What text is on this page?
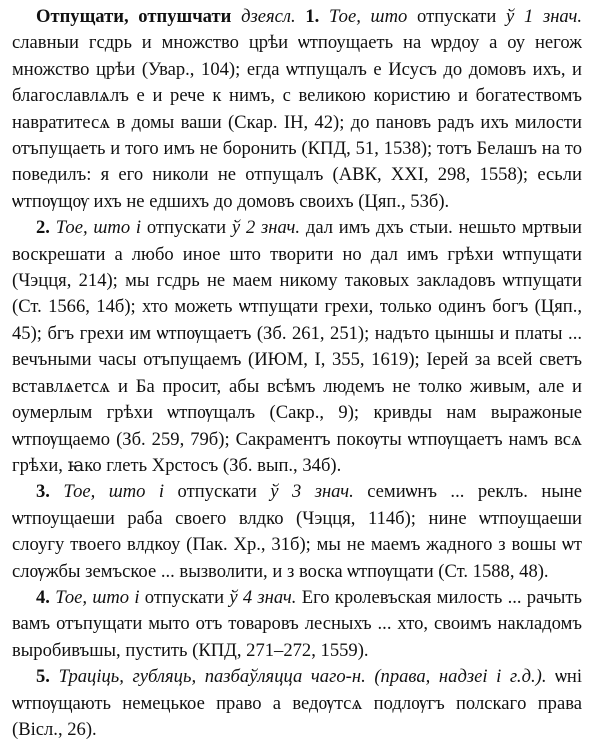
Отпущати, отпушчати дзеясл. 1. Тое, што отпускати ў 1 знач. славныи гсдрь и множство црѣи ѡтпоущаеть на ѡрдоу а оу негож множство црѣи (Увар., 104); егда ѡтпущалъ е Исусъ до домовъ ихъ, и благославлѧлъ е и рече к нимъ, с великою користию и богатествомъ навратитесѧ в домы ваши (Скар. ІН, 42); до пановъ радъ ихъ милости отъпущаеть и того имъ не боронить (КПД, 51, 1538); тотъ Белашъ на то поведилъ: я его николи не отпущалъ (АВК, ХХІ, 298, 1558); есьли ѡтпѹщѹ ихъ не едшихъ до домовъ своихъ (Цяп., 53б).

2. Тое, што і отпускати ў 2 знач. дал имъ дхъ стыи. нешьто мртвыи воскрешати а любо иное што творити но дал имъ грѣхи ѡтпущати (Чэцця, 214); мы гсдрь не маем никому таковых закладовъ ѡтпущати (Ст. 1566, 14б); хто можеть ѡтпущати грехи, только одинъ богъ (Цяп., 45); бгъ грехи им ѡтпѹщаетъ (Зб. 261, 251); надъто цыншы и платы ... вечъными часы отъпущаемъ (ИЮМ, І, 355, 1619); Іерей за всей светъ вставлѧетсѧ и Ба просит, абы всѣмъ людемъ не толко живым, але и оумерлым грѣхи ѡтпѹщалъ (Сакр., 9); кривды нам выражоные ѡтпѹщаемо (Зб. 259, 79б); Сакраментъ покѹты ѡтпѹщаетъ намъ всѧ грѣхи, ꙗко глеть Хрстосъ (Зб. вып., 34б).

3. Тое, што і отпускати ў 3 знач. семиѡнъ ... реклъ. ныне ѡтпоущаеши раба своего влдко (Чэцця, 114б); нине ѡтпоущаеши слоугу твоего влдкоу (Пак. Хр., 31б); мы не маемъ жадного з вошы ѡт слѹжбы земъское ... вызволити, и з воска ѡтпѹщати (Ст. 1588, 48).

4. Тое, што і отпускати ў 4 знач. Его кролевъская милость ... рачыть вамъ отъпущати мыто отъ товаровъ лесныхъ ... хто, своимъ накладомъ выробивъшы, пустить (КПД, 271–272, 1559).

5. Траціць, губляць, пазбаўляцца чаго-н. (права, надзеі і г.д.). ѡні ѡтпѹщають немецькое право а ведѹтсѧ подлѹгъ полскагo права (Віcл., 26).
